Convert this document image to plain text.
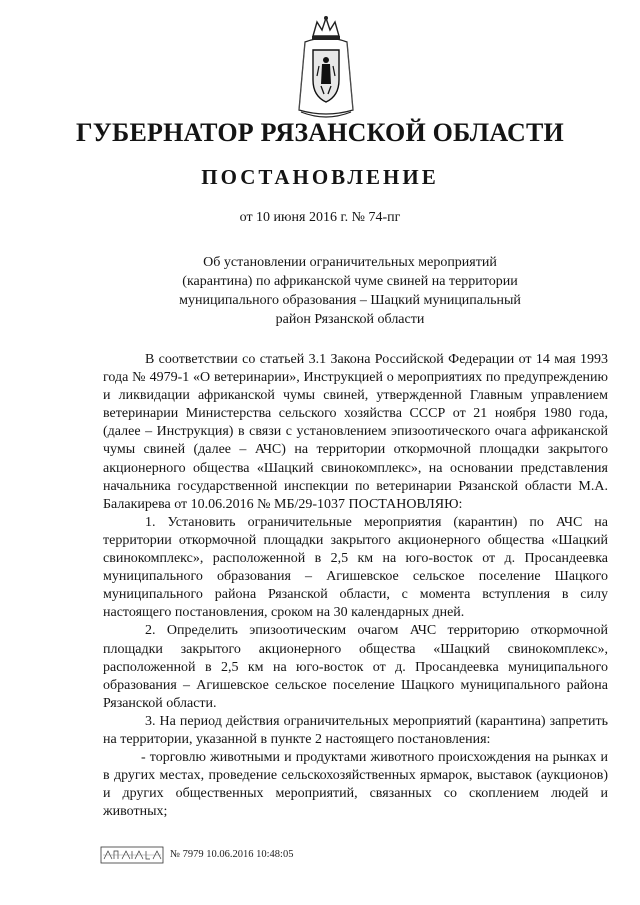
ГУБЕРНАТОР РЯЗАНСКОЙ ОБЛАСТИ
ПОСТАНОВЛЕНИЕ
от 10 июня 2016 г. № 74-пг
Об установлении ограничительных мероприятий
(карантина) по африканской чуме свиней на территории
муниципального образования – Шацкий муниципальный
район Рязанской области

В соответствии со статьей 3.1 Закона Российской Федерации от 14 мая 1993 года № 4979-1 «О ветеринарии», Инструкцией о мероприятиях по предупреждению и ликвидации африканской чумы свиней, утвержденной Главным управлением ветеринарии Министерства сельского хозяйства СССР от 21 ноября 1980 года, (далее – Инструкция) в связи с установлением эпизоотического очага африканской чумы свиней (далее – АЧС) на территории откормочной площадки закрытого акционерного общества «Шацкий свинокомплекс», на основании представления начальника государственной инспекции по ветеринарии Рязанской области М.А. Балакирева от 10.06.2016 № МБ/29-1037 ПОСТАНОВЛЯЮ:

1. Установить ограничительные мероприятия (карантин) по АЧС на территории откормочной площадки закрытого акционерного общества «Шацкий свинокомплекс», расположенной в 2,5 км на юго-восток от д. Просандеевка муниципального образования – Агишевское сельское поселение Шацкого муниципального района Рязанской области, с момента вступления в силу настоящего постановления, сроком на 30 календарных дней.

2. Определить эпизоотическим очагом АЧС территорию откормочной площадки закрытого акционерного общества «Шацкий свинокомплекс», расположенной в 2,5 км на юго-восток от д. Просандеевка муниципального образования – Агишевское сельское поселение Шацкого муниципального района Рязанской области.

3. На период действия ограничительных мероприятий (карантина) запретить на территории, указанной в пункте 2 настоящего постановления:

- торговлю животными и продуктами животного происхождения на рынках и в других местах, проведение сельскохозяйственных ярмарок, выставок (аукционов) и других общественных мероприятий, связанных со скоплением людей и животных;

№ 7979 10.06.2016 10:48:05
